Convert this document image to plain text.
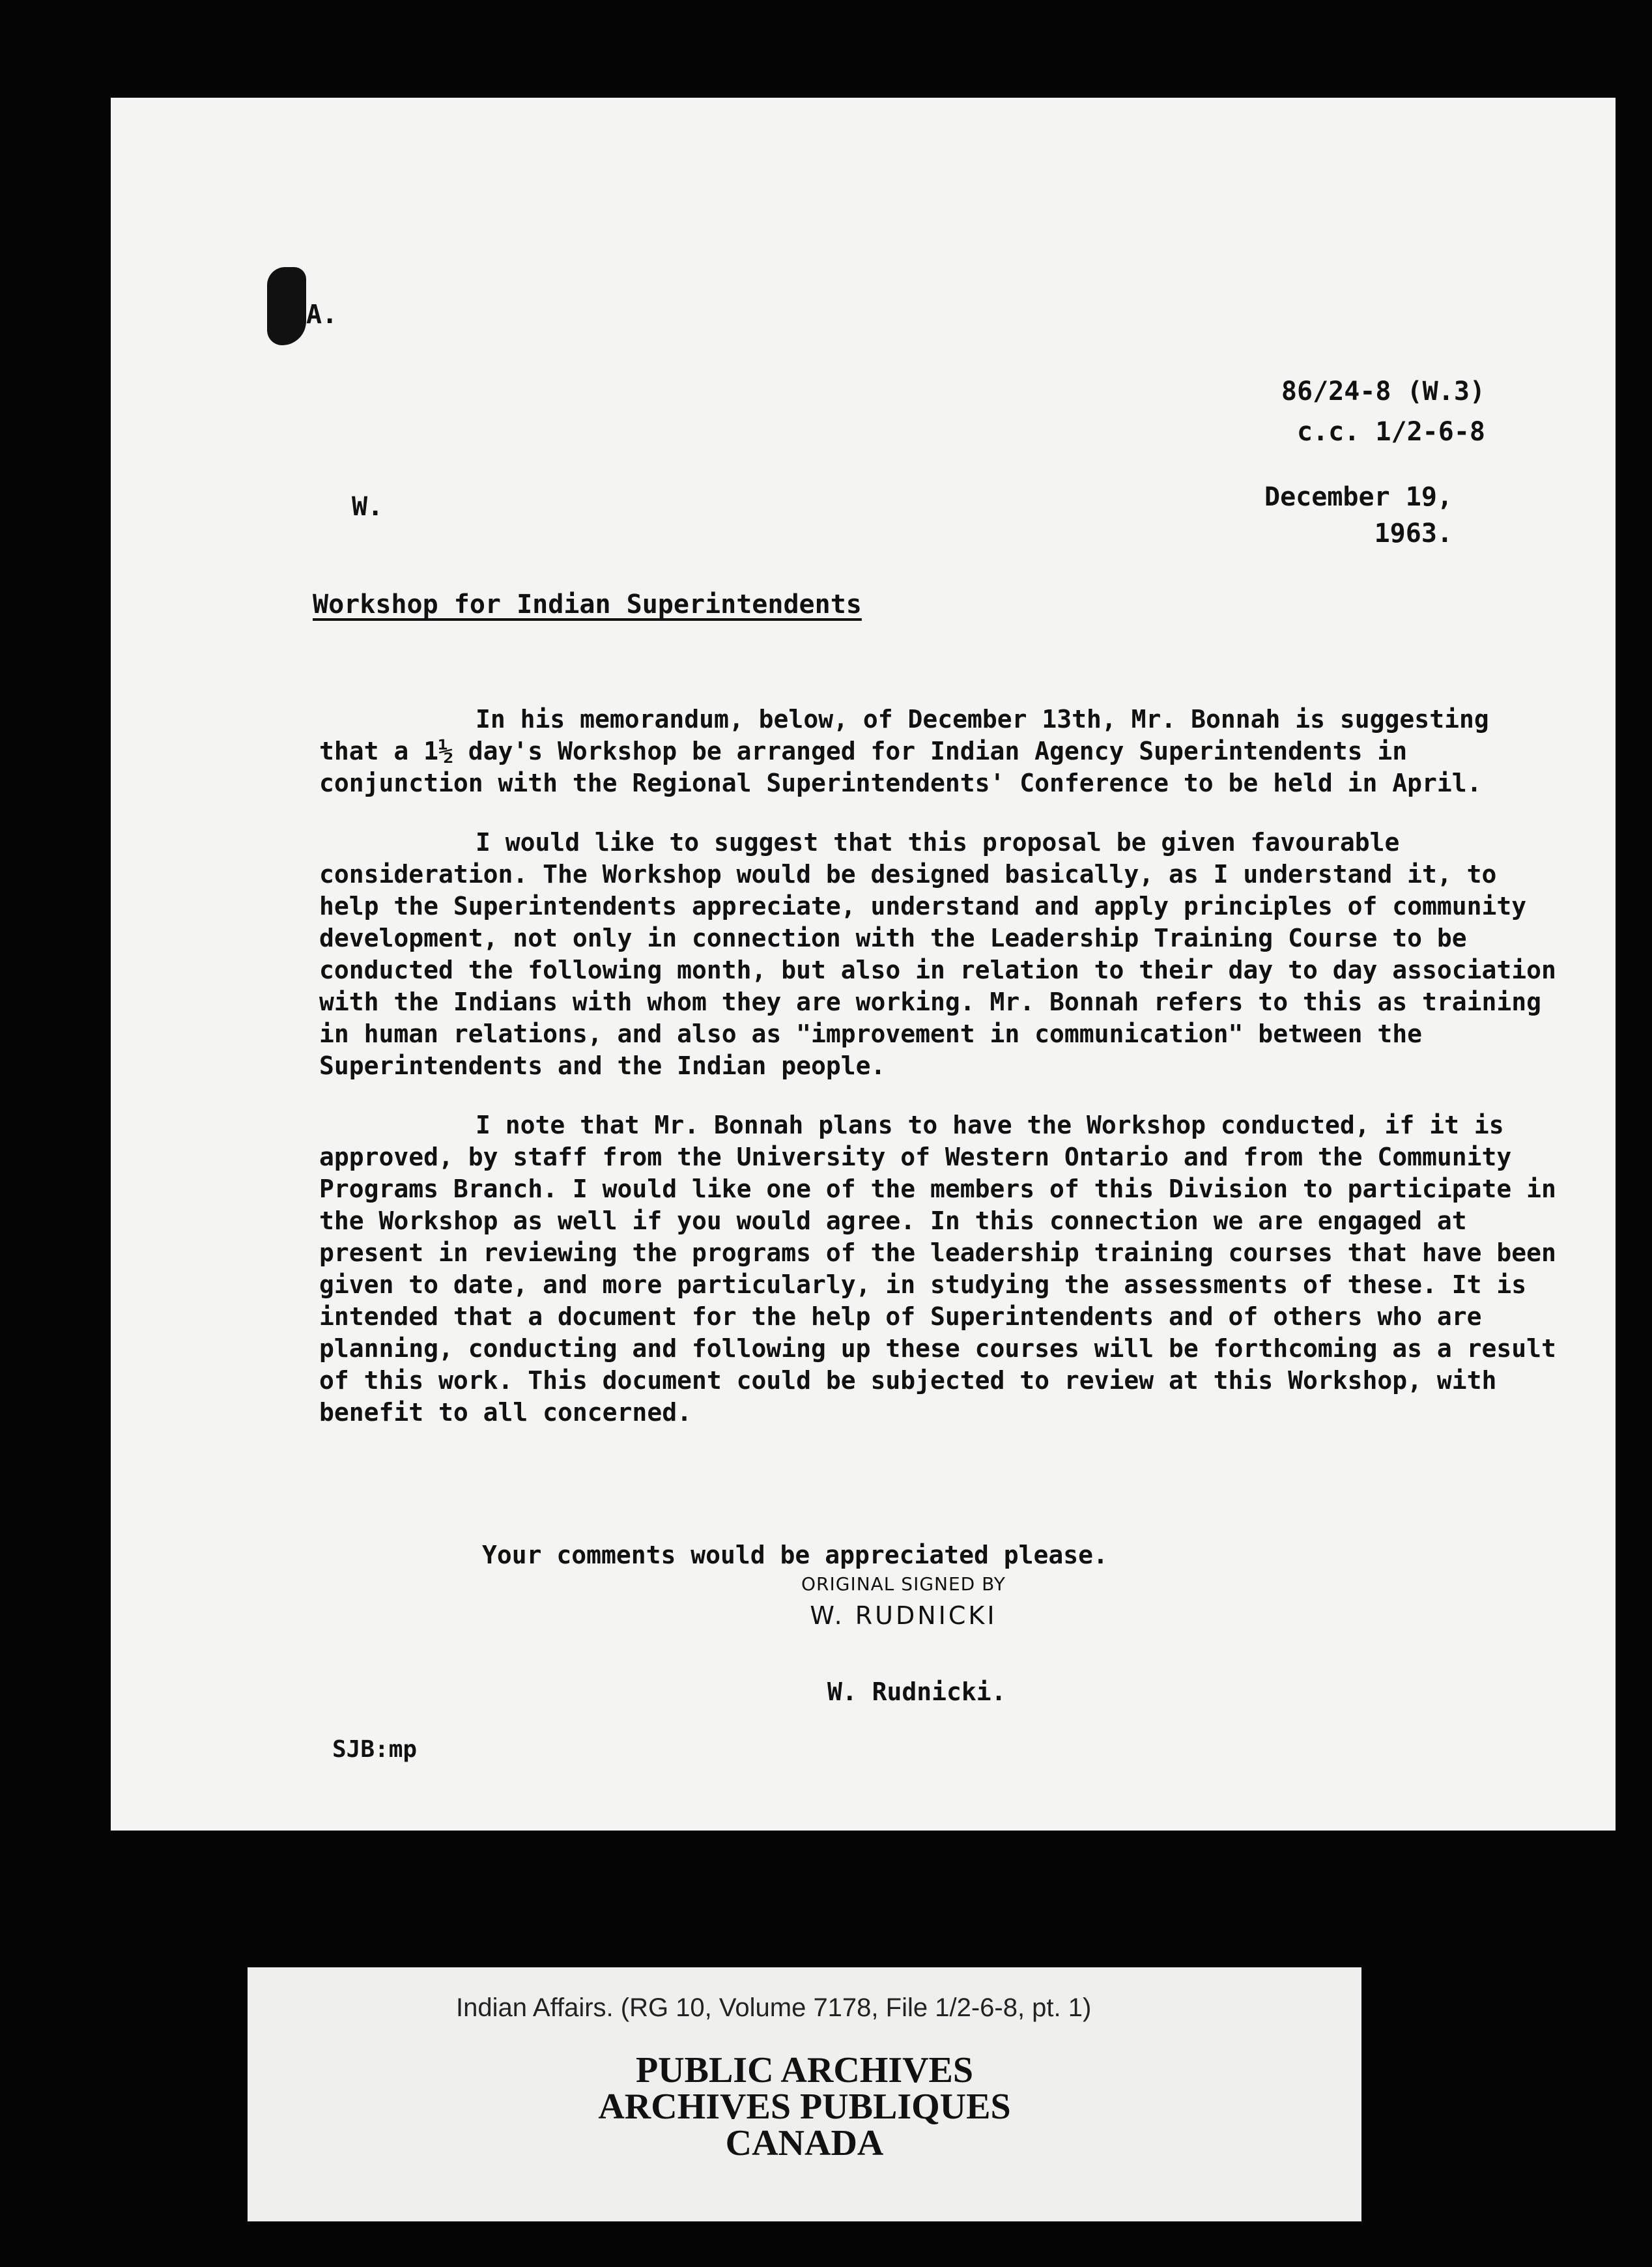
A.
86/24-8 (W.3)
c.c. 1/2-6-8
W.	December 19,
1963.
Workshop for Indian Superintendents

In his memorandum, below, of December 13th, Mr. Bonnah is suggesting that a 1½ day's Workshop be arranged for Indian Agency Superintendents in conjunction with the Regional Superintendents' Conference to be held in April.

I would like to suggest that this proposal be given favourable consideration. The Workshop would be designed basically, as I understand it, to help the Superintendents appreciate, understand and apply principles of community development, not only in connection with the Leadership Training Course to be conducted the following month, but also in relation to their day to day association with the Indians with whom they are working. Mr. Bonnah refers to this as training in human relations, and also as "improvement in communication" between the Superintendents and the Indian people.

I note that Mr. Bonnah plans to have the Workshop conducted, if it is approved, by staff from the University of Western Ontario and from the Community Programs Branch. I would like one of the members of this Division to participate in the Workshop as well if you would agree. In this connection we are engaged at present in reviewing the programs of the leadership training courses that have been given to date, and more particularly, in studying the assessments of these. It is intended that a document for the help of Superintendents and of others who are planning, conducting and following up these courses will be forthcoming as a result of this work. This document could be subjected to review at this Workshop, with benefit to all concerned.

Your comments would be appreciated please.
ORIGINAL SIGNED BY
W. RUDNICKI
W. Rudnicki.
SJB:mp
Indian Affairs. (RG 10, Volume 7178, File 1/2-6-8, pt. 1)
PUBLIC ARCHIVES
ARCHIVES PUBLIQUES
CANADA
